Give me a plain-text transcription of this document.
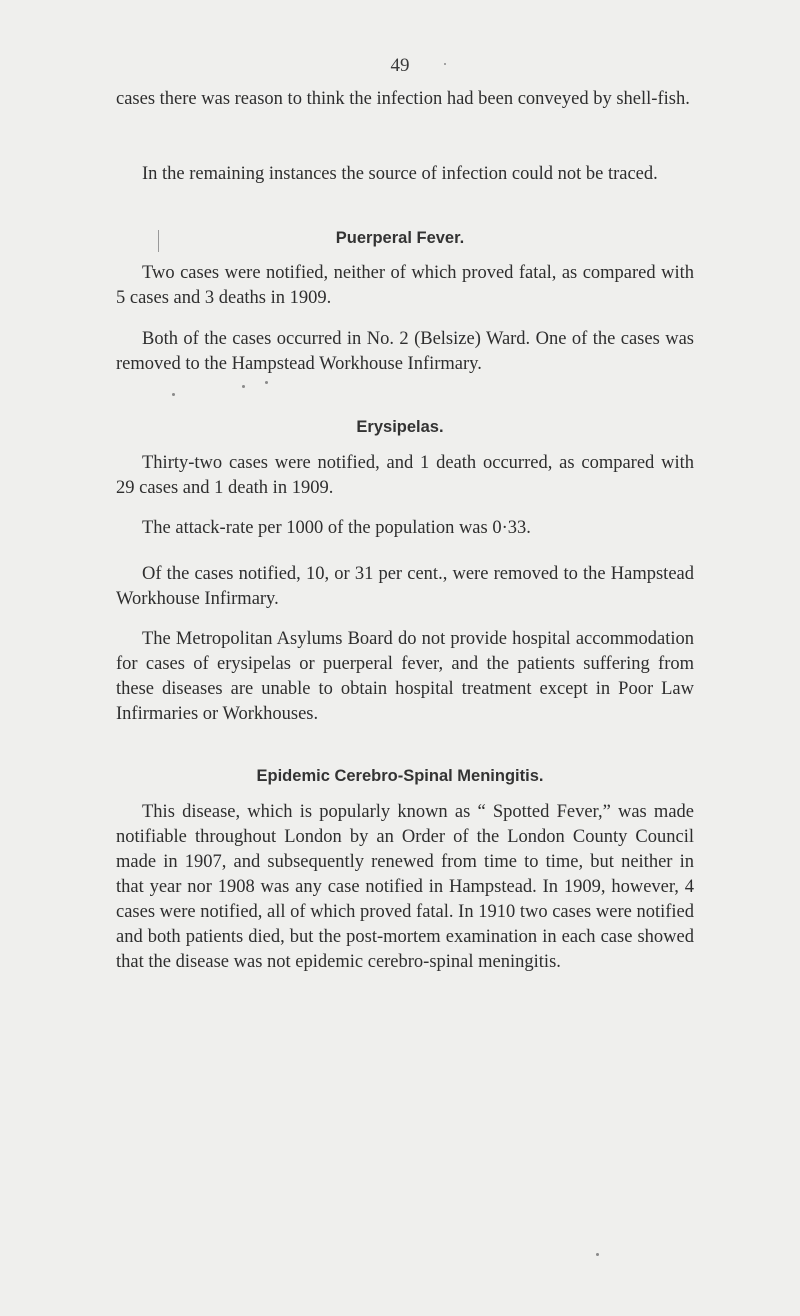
49

cases there was reason to think the infection had been conveyed by shell-fish.

In the remaining instances the source of infection could not be traced.

Puerperal Fever.

Two cases were notified, neither of which proved fatal, as compared with 5 cases and 3 deaths in 1909.

Both of the cases occurred in No. 2 (Belsize) Ward. One of the cases was removed to the Hampstead Workhouse Infirmary.

Erysipelas.

Thirty-two cases were notified, and 1 death occurred, as compared with 29 cases and 1 death in 1909.

The attack-rate per 1000 of the population was 0·33.

Of the cases notified, 10, or 31 per cent., were removed to the Hampstead Workhouse Infirmary.

The Metropolitan Asylums Board do not provide hospital accommodation for cases of erysipelas or puerperal fever, and the patients suffering from these diseases are unable to obtain hospital treatment except in Poor Law Infirmaries or Workhouses.

Epidemic Cerebro-Spinal Meningitis.

This disease, which is popularly known as “ Spotted Fever,” was made notifiable throughout London by an Order of the London County Council made in 1907, and subsequently renewed from time to time, but neither in that year nor 1908 was any case notified in Hampstead. In 1909, however, 4 cases were notified, all of which proved fatal. In 1910 two cases were notified and both patients died, but the post-mortem examination in each case showed that the disease was not epidemic cerebro-spinal meningitis.
